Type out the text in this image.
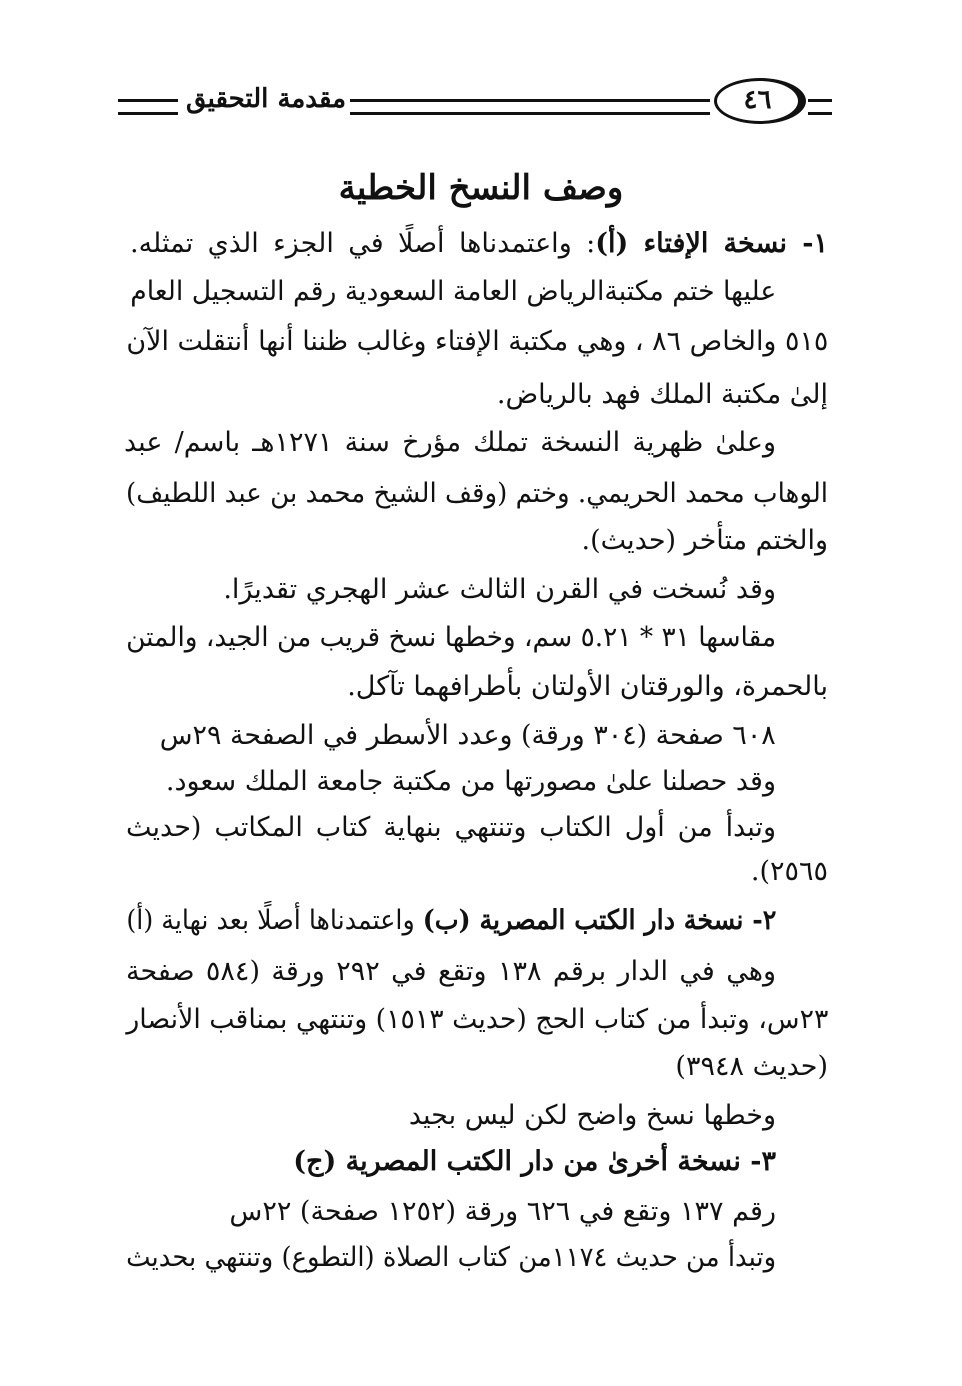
مقدمة التحقيق	٤٦
وصف النسخ الخطية
١- نسخة الإفتاء (أ): واعتمدناها أصلًا في الجزء الذي تمثله.
عليها ختم مكتبةالرياض العامة السعودية رقم التسجيل العام
٥١٥ والخاص ٨٦ ، وهي مكتبة الإفتاء وغالب ظننا أنها أنتقلت الآن
إلىٰ مكتبة الملك فهد بالرياض.
وعلىٰ ظهرية النسخة تملك مؤرخ سنة ١٢٧١هـ باسم/ عبد
الوهاب محمد الحريمي. وختم (وقف الشيخ محمد بن عبد اللطيف)
والختم متأخر (حديث).
وقد نُسخت في القرن الثالث عشر الهجري تقديرًا.
مقاسها ٣١ * ٥.٢١ سم، وخطها نسخ قريب من الجيد، والمتن
بالحمرة، والورقتان الأولتان بأطرافهما تآكل.
٦٠٨ صفحة (٣٠٤ ورقة) وعدد الأسطر في الصفحة ٢٩س
وقد حصلنا علىٰ مصورتها من مكتبة جامعة الملك سعود.
وتبدأ من أول الكتاب وتنتهي بنهاية كتاب المكاتب (حديث
٢٥٦٥).
٢- نسخة دار الكتب المصرية (ب) واعتمدناها أصلًا بعد نهاية (أ)
وهي في الدار برقم ١٣٨ وتقع في ٢٩٢ ورقة (٥٨٤ صفحة
٢٣س، وتبدأ من كتاب الحج (حديث ١٥١٣) وتنتهي بمناقب الأنصار
(حديث ٣٩٤٨)
وخطها نسخ واضح لكن ليس بجيد
٣- نسخة أخرىٰ من دار الكتب المصرية (ج)
رقم ١٣٧ وتقع في ٦٢٦ ورقة (١٢٥٢ صفحة) ٢٢س
وتبدأ من حديث ١١٧٤من كتاب الصلاة (التطوع) وتنتهي بحديث
